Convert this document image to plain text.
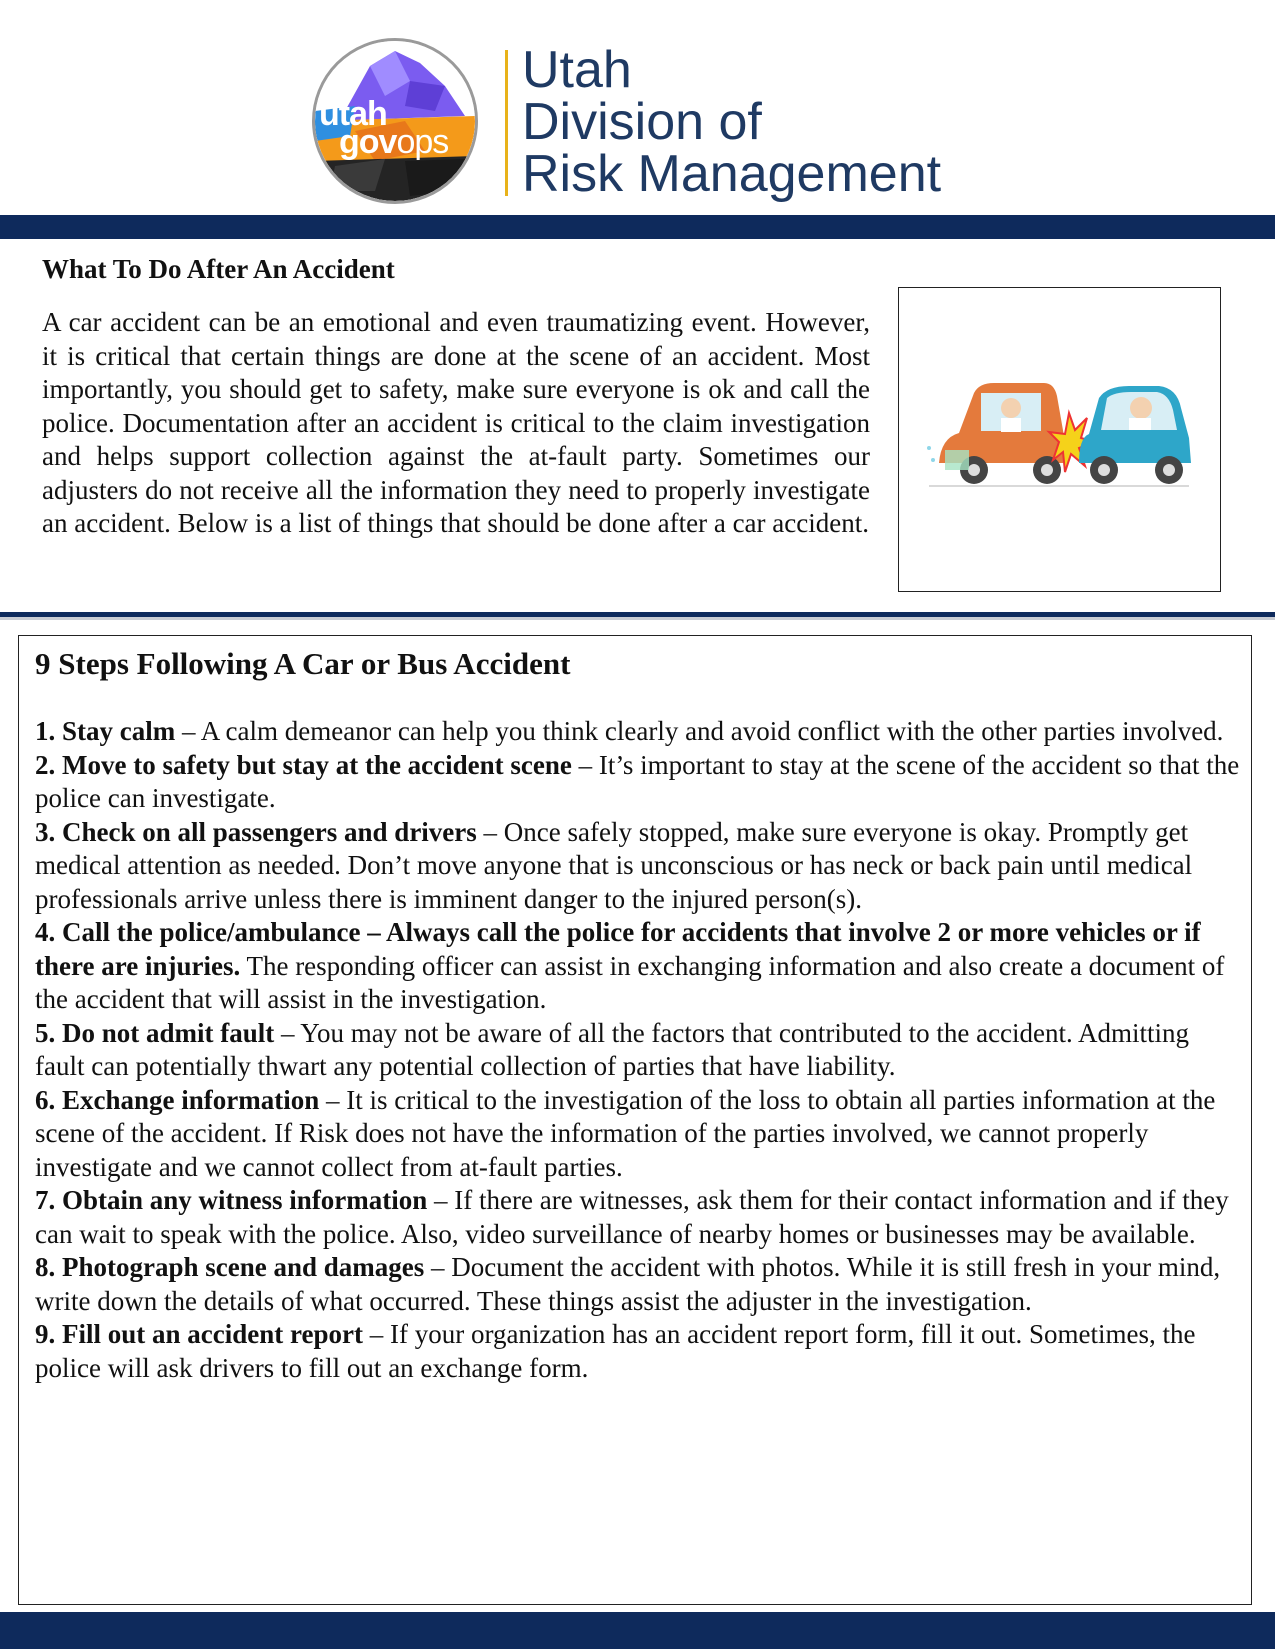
utah
govops
Utah
Division of
Risk Management
What To Do After An Accident
A car accident can be an emotional and even traumatizing event. However, it is critical that certain things are done at the scene of an accident. Most importantly, you should get to safety, make sure everyone is ok and call the police. Documentation after an accident is critical to the claim investigation and helps support collection against the at-fault party. Sometimes our adjusters do not receive all the information they need to properly investigate an accident. Below is a list of things that should be done after a car accident.
9 Steps Following A Car or Bus Accident

1. Stay calm – A calm demeanor can help you think clearly and avoid conflict with the other parties involved.

2. Move to safety but stay at the accident scene – It’s important to stay at the scene of the accident so that the police can investigate.

3. Check on all passengers and drivers – Once safely stopped, make sure everyone is okay. Promptly get medical attention as needed. Don’t move anyone that is unconscious or has neck or back pain until medical professionals arrive unless there is imminent danger to the injured person(s).

4. Call the police/ambulance – Always call the police for accidents that involve 2 or more vehicles or if there are injuries. The responding officer can assist in exchanging information and also create a document of the accident that will assist in the investigation.

5. Do not admit fault – You may not be aware of all the factors that contributed to the accident. Admitting fault can potentially thwart any potential collection of parties that have liability.

6. Exchange information – It is critical to the investigation of the loss to obtain all parties information at the scene of the accident. If Risk does not have the information of the parties involved, we cannot properly investigate and we cannot collect from at-fault parties.

7. Obtain any witness information – If there are witnesses, ask them for their contact information and if they can wait to speak with the police. Also, video surveillance of nearby homes or businesses may be available.

8. Photograph scene and damages – Document the accident with photos. While it is still fresh in your mind, write down the details of what occurred. These things assist the adjuster in the investigation.

9. Fill out an accident report – If your organization has an accident report form, fill it out. Sometimes, the police will ask drivers to fill out an exchange form.
